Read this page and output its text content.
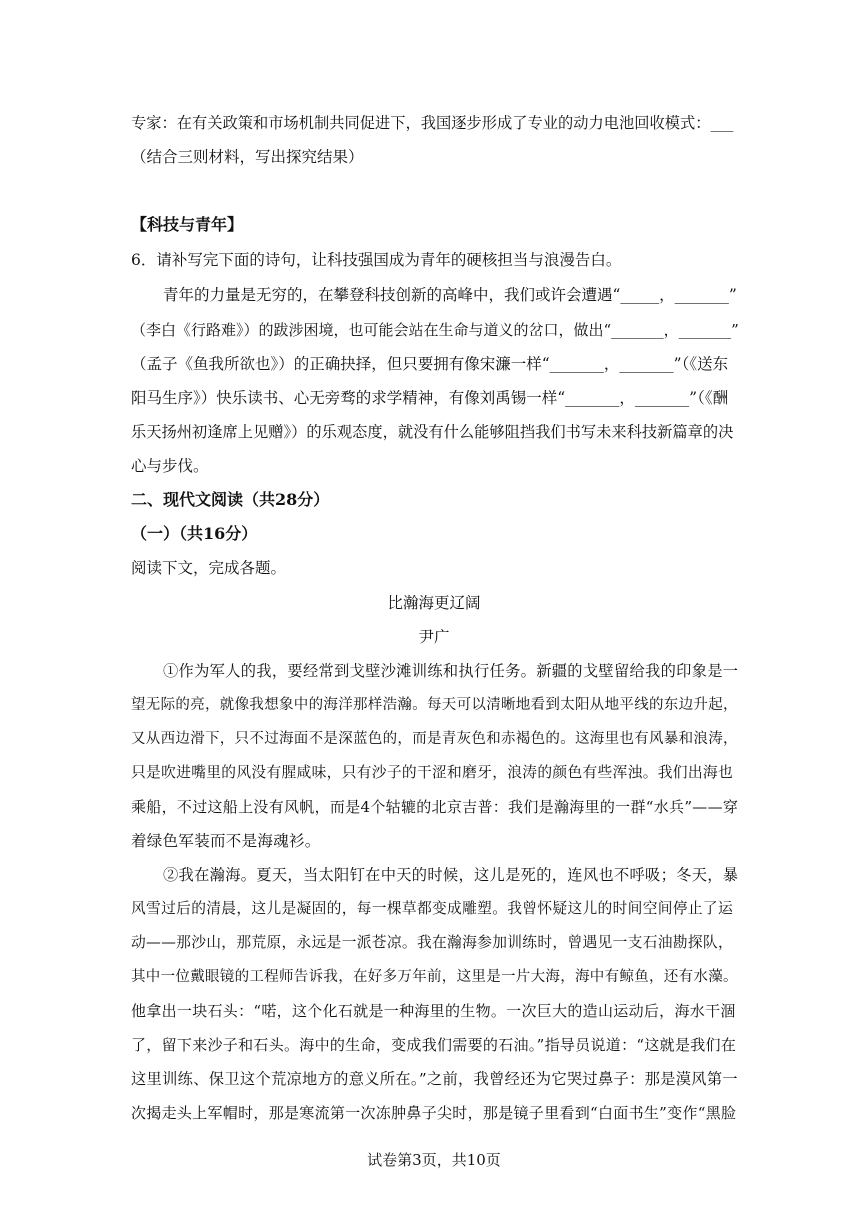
专家：在有关政策和市场机制共同促进下，我国逐步形成了专业的动力电池回收模式：___
（结合三则材料，写出探究结果）
【科技与青年】
6．请补写完下面的诗句，让科技强国成为青年的硬核担当与浪漫告白。
青年的力量是无穷的，在攀登科技创新的高峰中，我们或许会遭遇“_____，_______”
（李白《行路难》）的跋涉困境，也可能会站在生命与道义的岔口，做出“_______，_______”
（孟子《鱼我所欲也》）的正确抉择，但只要拥有像宋濂一样“_______，_______”（《送东
阳马生序》）快乐读书、心无旁骛的求学精神，有像刘禹锡一样“_______，_______”（《酬
乐天扬州初逢席上见赠》）的乐观态度，就没有什么能够阻挡我们书写未来科技新篇章的决
心与步伐。
二、现代文阅读（共28分）
（一）（共16分）
阅读下文，完成各题。
比瀚海更辽阔
尹广
①作为军人的我，要经常到戈壁沙滩训练和执行任务。新疆的戈壁留给我的印象是一
望无际的亮，就像我想象中的海洋那样浩瀚。每天可以清晰地看到太阳从地平线的东边升起，
又从西边滑下，只不过海面不是深蓝色的，而是青灰色和赤褐色的。这海里也有风暴和浪涛，
只是吹进嘴里的风没有腥咸味，只有沙子的干涩和磨牙，浪涛的颜色有些浑浊。我们出海也
乘船，不过这船上没有风帆，而是4个轱辘的北京吉普：我们是瀚海里的一群“水兵”——穿
着绿色军装而不是海魂衫。
②我在瀚海。夏天，当太阳钉在中天的时候，这儿是死的，连风也不呼吸；冬天，暴
风雪过后的清晨，这儿是凝固的，每一棵草都变成雕塑。我曾怀疑这儿的时间空间停止了运
动——那沙山，那荒原，永远是一派苍凉。我在瀚海参加训练时，曾遇见一支石油勘探队，
其中一位戴眼镜的工程师告诉我，在好多万年前，这里是一片大海，海中有鲸鱼，还有水藻。
他拿出一块石头：“喏，这个化石就是一种海里的生物。一次巨大的造山运动后，海水干涸
了，留下来沙子和石头。海中的生命，变成我们需要的石油。”指导员说道：“这就是我们在
这里训练、保卫这个荒凉地方的意义所在。”之前，我曾经还为它哭过鼻子：那是漠风第一
次揭走头上军帽时，那是寒流第一次冻肿鼻子尖时，那是镜子里看到“白面书生”变作“黑脸
试卷第3页，共10页
